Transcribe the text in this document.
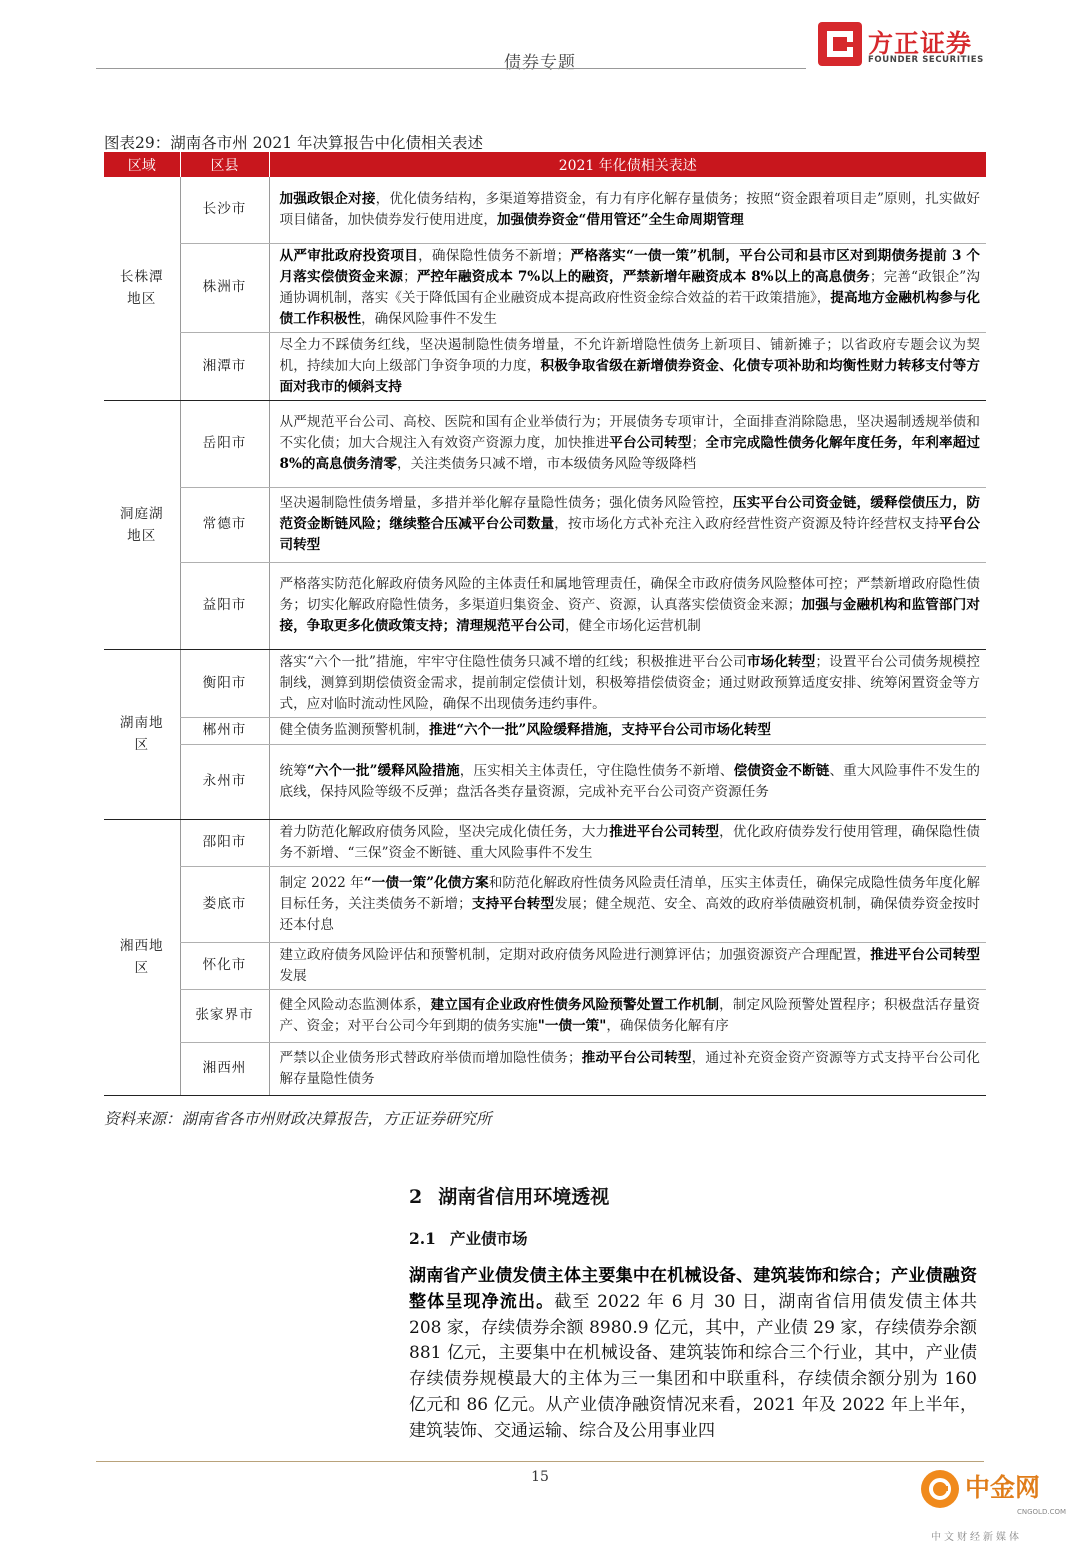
债券专题
方正证券
FOUNDER SECURITIES
图表29：湖南各市州 2021 年决算报告中化债相关表述
区域	区县	2021 年化债相关表述

长株潭地区	长沙市	加强政银企对接，优化债务结构，多渠道筹措资金，有力有序化解存量债务；按照“资金跟着项目走”原则，扎实做好项目储备，加快债券发行使用进度，加强债券资金“借用管还”全生命周期管理
	株洲市	从严审批政府投资项目，确保隐性债务不新增；严格落实“一债一策”机制，平台公司和县市区对到期债务提前 3 个月落实偿债资金来源；严控年融资成本 7%以上的融资，严禁新增年融资成本 8%以上的高息债务；完善“政银企”沟通协调机制，落实《关于降低国有企业融资成本提高政府性资金综合效益的若干政策措施》，提高地方金融机构参与化债工作积极性，确保风险事件不发生
	湘潭市	尽全力不踩债务红线，坚决遏制隐性债务增量，不允许新增隐性债务上新项目、铺新摊子；以省政府专题会议为契机，持续加大向上级部门争资争项的力度，积极争取省级在新增债券资金、化债专项补助和均衡性财力转移支付等方面对我市的倾斜支持

洞庭湖地区	岳阳市	从严规范平台公司、高校、医院和国有企业举债行为；开展债务专项审计，全面排查消除隐患，坚决遏制透规举债和不实化债；加大合规注入有效资产资源力度，加快推进平台公司转型；全市完成隐性债务化解年度任务，年利率超过 8%的高息债务清零，关注类债务只减不增，市本级债务风险等级降档
	常德市	坚决遏制隐性债务增量，多措并举化解存量隐性债务；强化债务风险管控，压实平台公司资金链，缓释偿债压力，防范资金断链风险；继续整合压减平台公司数量，按市场化方式补充注入政府经营性资产资源及特许经营权支持平台公司转型
	益阳市	严格落实防范化解政府债务风险的主体责任和属地管理责任，确保全市政府债务风险整体可控；严禁新增政府隐性债务；切实化解政府隐性债务，多渠道归集资金、资产、资源，认真落实偿债资金来源；加强与金融机构和监管部门对接，争取更多化债政策支持；清理规范平台公司，健全市场化运营机制

湖南地区	衡阳市	落实“六个一批”措施，牢牢守住隐性债务只减不增的红线；积极推进平台公司市场化转型；设置平台公司债务规模控制线，测算到期偿债资金需求，提前制定偿债计划，积极筹措偿债资金；通过财政预算适度安排、统筹闲置资金等方式，应对临时流动性风险，确保不出现债务违约事件。
	郴州市	健全债务监测预警机制，推进“六个一批”风险缓释措施，支持平台公司市场化转型
	永州市	统筹“六个一批”缓释风险措施，压实相关主体责任，守住隐性债务不新增、偿债资金不断链、重大风险事件不发生的底线，保持风险等级不反弹；盘活各类存量资源，完成补充平台公司资产资源任务

湘西地区	邵阳市	着力防范化解政府债务风险，坚决完成化债任务，大力推进平台公司转型，优化政府债券发行使用管理，确保隐性债务不新增、“三保”资金不断链、重大风险事件不发生
	娄底市	制定 2022 年“一债一策”化债方案和防范化解政府性债务风险责任清单，压实主体责任，确保完成隐性债务年度化解目标任务，关注类债务不新增；支持平台转型发展；健全规范、安全、高效的政府举债融资机制，确保债券资金按时还本付息
	怀化市	建立政府债务风险评估和预警机制，定期对政府债务风险进行测算评估；加强资源资产合理配置，推进平台公司转型发展
	张家界市	健全风险动态监测体系，建立国有企业政府性债务风险预警处置工作机制，制定风险预警处置程序；积极盘活存量资产、资金；对平台公司今年到期的债务实施"一债一策"，确保债务化解有序
	湘西州	严禁以企业债务形式替政府举债而增加隐性债务；推动平台公司转型，通过补充资金资产资源等方式支持平台公司化解存量隐性债务
资料来源：湖南省各市州财政决算报告，方正证券研究所
2 湖南省信用环境透视
2.1 产业债市场
湖南省产业债发债主体主要集中在机械设备、建筑装饰和综合；产业债融资整体呈现净流出。截至 2022 年 6 月 30 日，湖南省信用债发债主体共 208 家，存续债券余额 8980.9 亿元，其中，产业债 29 家，存续债券余额 881 亿元，主要集中在机械设备、建筑装饰和综合三个行业，其中，产业债存续债券规模最大的主体为三一集团和中联重科，存续债余额分别为 160 亿元和 86 亿元。从产业债净融资情况来看，2021 年及 2022 年上半年，建筑装饰、交通运输、综合及公用事业四
15	中金网
CNGOLD.COM
中文财经新媒体
